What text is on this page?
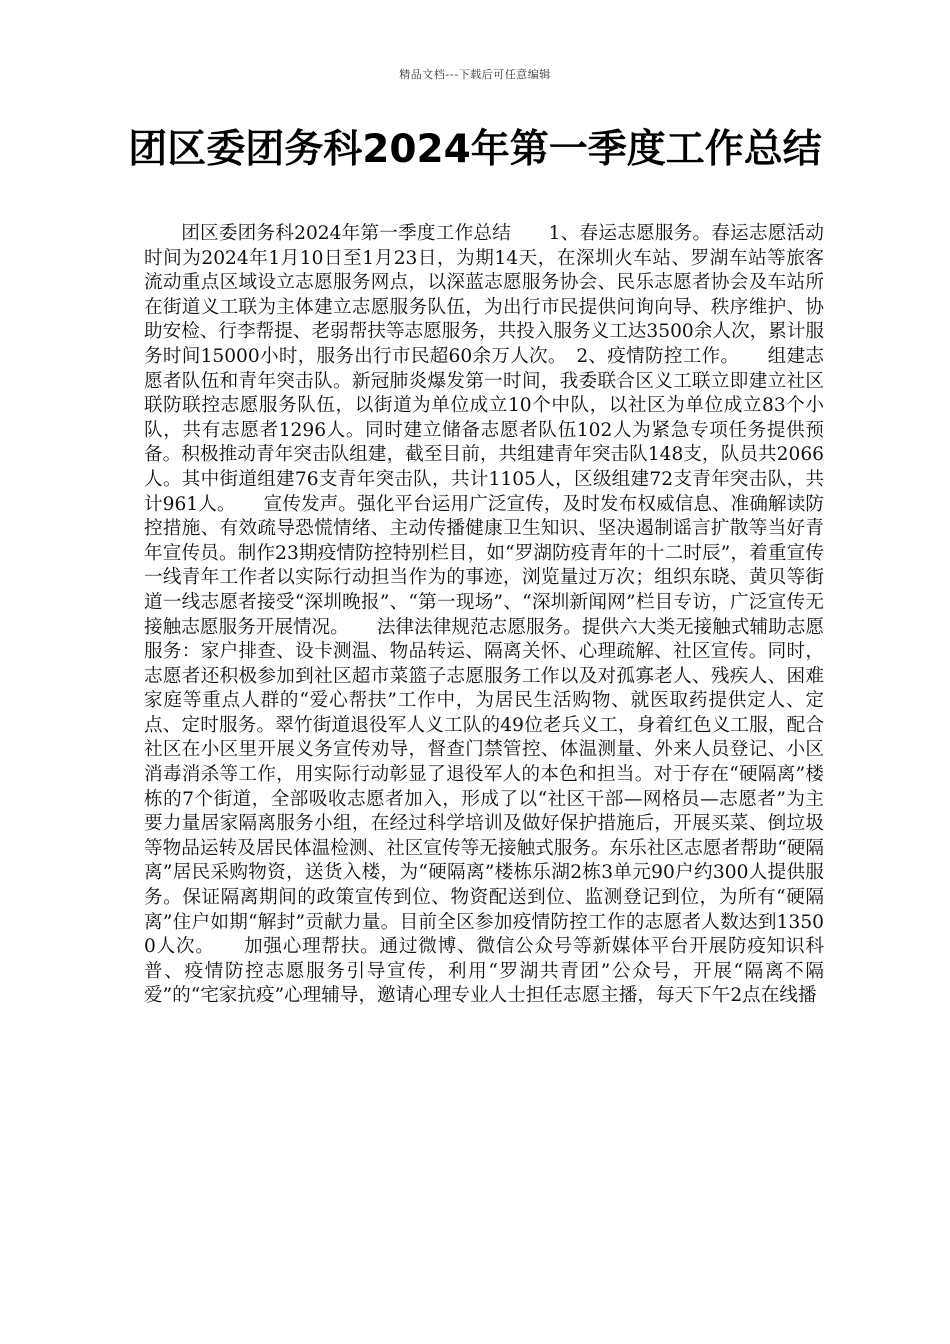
精品文档---下载后可任意编辑
团区委团务科2024年第一季度工作总结

团区委团务科2024年第一季度工作总结　　1、春运志愿服务。春运志愿活动时间为2024年1月10日至1月23日，为期14天，在深圳火车站、罗湖车站等旅客流动重点区域设立志愿服务网点，以深蓝志愿服务协会、民乐志愿者协会及车站所在街道义工联为主体建立志愿服务队伍，为出行市民提供问询向导、秩序维护、协助安检、行李帮提、老弱帮扶等志愿服务，共投入服务义工达3500余人次，累计服务时间15000小时，服务出行市民超60余万人次。　2、疫情防控工作。　　组建志愿者队伍和青年突击队。新冠肺炎爆发第一时间，我委联合区义工联立即建立社区联防联控志愿服务队伍，以街道为单位成立10个中队，以社区为单位成立83个小队，共有志愿者1296人。同时建立储备志愿者队伍102人为紧急专项任务提供预备。积极推动青年突击队组建，截至目前，共组建青年突击队148支，队员共2066人。其中街道组建76支青年突击队，共计1105人，区级组建72支青年突击队，共计961人。　　宣传发声。强化平台运用广泛宣传，及时发布权威信息、准确解读防控措施、有效疏导恐慌情绪、主动传播健康卫生知识、坚决遏制谣言扩散等当好青年宣传员。制作23期疫情防控特别栏目，如“罗湖防疫青年的十二时辰”，着重宣传一线青年工作者以实际行动担当作为的事迹，浏览量过万次；组织东晓、黄贝等街道一线志愿者接受“深圳晚报”、“第一现场”、“深圳新闻网”栏目专访，广泛宣传无接触志愿服务开展情况。　　法律法律规范志愿服务。提供六大类无接触式辅助志愿服务：家户排查、设卡测温、物品转运、隔离关怀、心理疏解、社区宣传。同时，志愿者还积极参加到社区超市菜篮子志愿服务工作以及对孤寡老人、残疾人、困难家庭等重点人群的“爱心帮扶”工作中，为居民生活购物、就医取药提供定人、定点、定时服务。翠竹街道退役军人义工队的49位老兵义工，身着红色义工服，配合社区在小区里开展义务宣传劝导，督查门禁管控、体温测量、外来人员登记、小区消毒消杀等工作，用实际行动彰显了退役军人的本色和担当。对于存在“硬隔离”楼栋的7个街道，全部吸收志愿者加入，形成了以“社区干部—网格员—志愿者”为主要力量居家隔离服务小组，在经过科学培训及做好保护措施后，开展买菜、倒垃圾等物品运转及居民体温检测、社区宣传等无接触式服务。东乐社区志愿者帮助“硬隔离”居民采购物资，送货入楼，为“硬隔离”楼栋乐湖2栋3单元90户约300人提供服务。保证隔离期间的政策宣传到位、物资配送到位、监测登记到位，为所有“硬隔离”住户如期“解封”贡献力量。目前全区参加疫情防控工作的志愿者人数达到13500人次。　　加强心理帮扶。通过微博、微信公众号等新媒体平台开展防疫知识科普、疫情防控志愿服务引导宣传，利用“罗湖共青团”公众号，开展“隔离不隔爱”的“宅家抗疫”心理辅导，邀请心理专业人士担任志愿主播，每天下午2点在线播
